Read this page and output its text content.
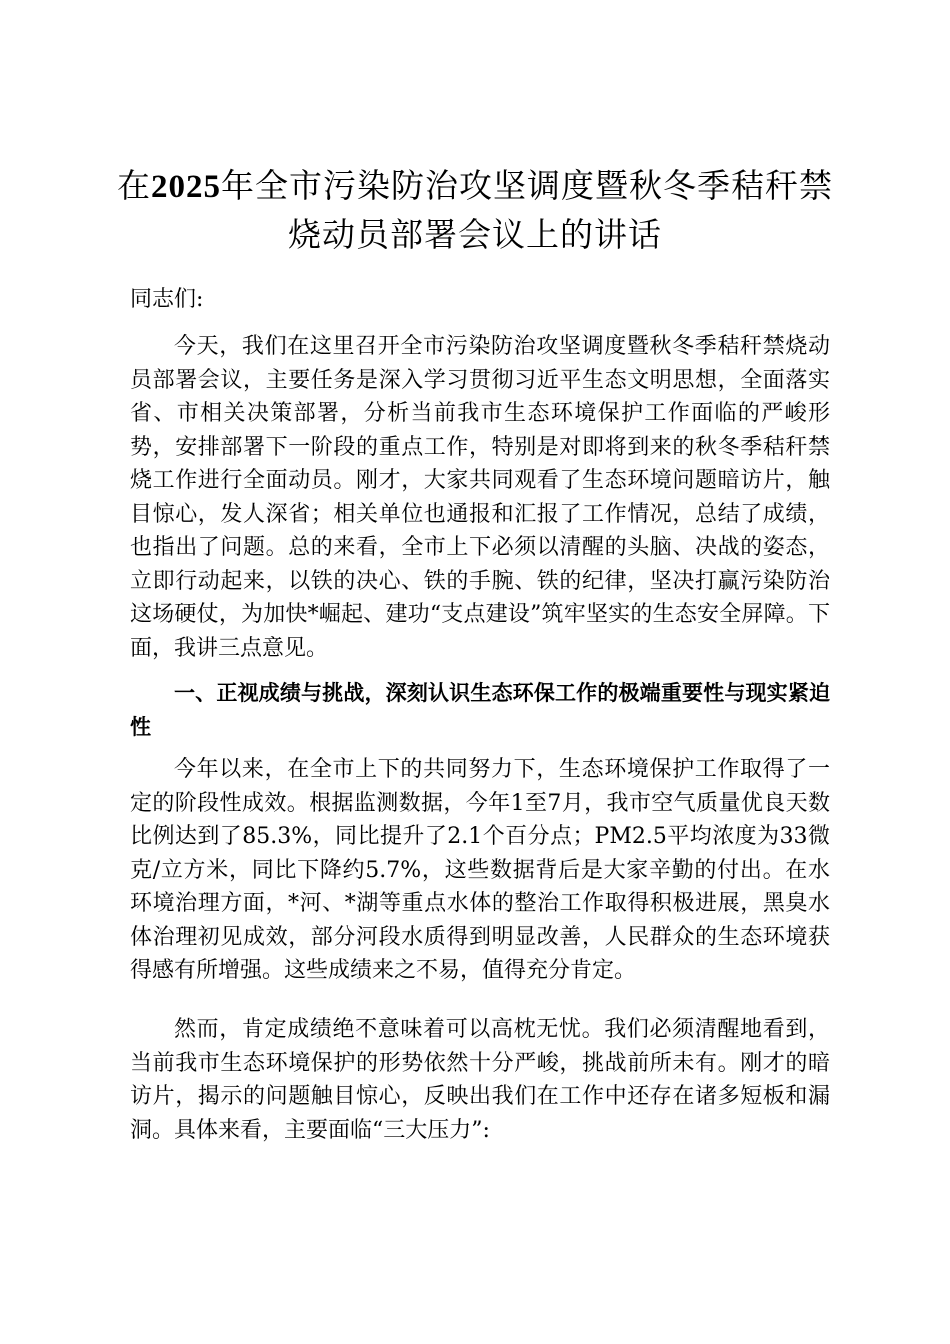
在2025年全市污染防治攻坚调度暨秋冬季秸秆禁烧动员部署会议上的讲话

同志们:

今天，我们在这里召开全市污染防治攻坚调度暨秋冬季秸秆禁烧动员部署会议，主要任务是深入学习贯彻习近平生态文明思想，全面落实省、市相关决策部署，分析当前我市生态环境保护工作面临的严峻形势，安排部署下一阶段的重点工作，特别是对即将到来的秋冬季秸秆禁烧工作进行全面动员。刚才，大家共同观看了生态环境问题暗访片，触目惊心，发人深省；相关单位也通报和汇报了工作情况，总结了成绩，也指出了问题。总的来看，全市上下必须以清醒的头脑、决战的姿态，立即行动起来，以铁的决心、铁的手腕、铁的纪律，坚决打赢污染防治这场硬仗，为加快*崛起、建功“支点建设”筑牢坚实的生态安全屏障。下面，我讲三点意见。

一、正视成绩与挑战，深刻认识生态环保工作的极端重要性与现实紧迫性

今年以来，在全市上下的共同努力下，生态环境保护工作取得了一定的阶段性成效。根据监测数据，今年1至7月，我市空气质量优良天数比例达到了85.3%，同比提升了2.1个百分点；PM2.5平均浓度为33微克/立方米，同比下降约5.7%，这些数据背后是大家辛勤的付出。在水环境治理方面，*河、*湖等重点水体的整治工作取得积极进展，黑臭水体治理初见成效，部分河段水质得到明显改善，人民群众的生态环境获得感有所增强。这些成绩来之不易，值得充分肯定。

然而，肯定成绩绝不意味着可以高枕无忧。我们必须清醒地看到，当前我市生态环境保护的形势依然十分严峻，挑战前所未有。刚才的暗访片，揭示的问题触目惊心，反映出我们在工作中还存在诸多短板和漏洞。具体来看，主要面临“三大压力”:
